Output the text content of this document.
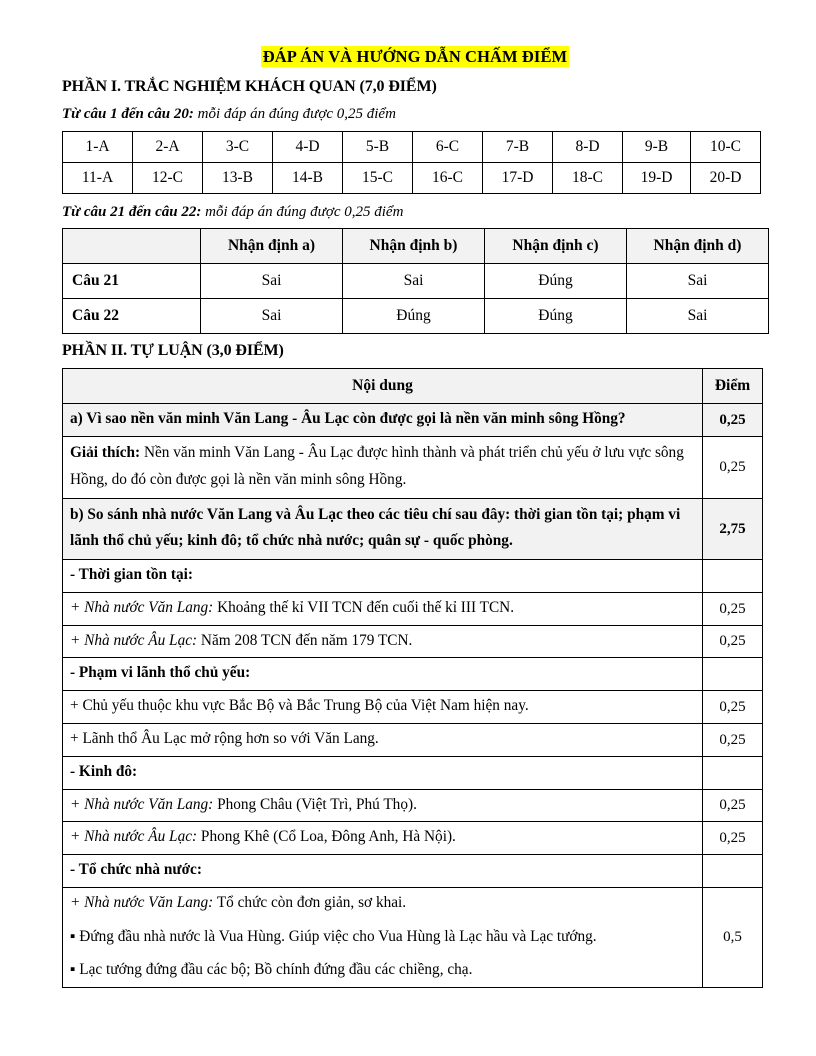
ĐÁP ÁN VÀ HƯỚNG DẪN CHẤM ĐIỂM
PHẦN I. TRẮC NGHIỆM KHÁCH QUAN (7,0 ĐIỂM)
Từ câu 1 đến câu 20: mỗi đáp án đúng được 0,25 điểm
1-A	2-A	3-C	4-D	5-B	6-C	7-B	8-D	9-B	10-C
11-A	12-C	13-B	14-B	15-C	16-C	17-D	18-C	19-D	20-D
Từ câu 21 đến câu 22: mỗi đáp án đúng được 0,25 điểm
	Nhận định a)	Nhận định b)	Nhận định c)	Nhận định d)
Câu 21	Sai	Sai	Đúng	Sai
Câu 22	Sai	Đúng	Đúng	Sai
PHẦN II. TỰ LUẬN (3,0 ĐIỂM)
Nội dung	Điểm
a) Vì sao nền văn minh Văn Lang - Âu Lạc còn được gọi là nền văn minh sông Hồng?	0,25
Giải thích: Nền văn minh Văn Lang - Âu Lạc được hình thành và phát triển chủ yếu ở lưu vực sông Hồng, do đó còn được gọi là nền văn minh sông Hồng.	0,25
b) So sánh nhà nước Văn Lang và Âu Lạc theo các tiêu chí sau đây: thời gian tồn tại; phạm vi lãnh thổ chủ yếu; kinh đô; tổ chức nhà nước; quân sự - quốc phòng.	2,75
- Thời gian tồn tại:	
+ Nhà nước Văn Lang: Khoảng thế kỉ VII TCN đến cuối thế kỉ III TCN.	0,25
+ Nhà nước Âu Lạc: Năm 208 TCN đến năm 179 TCN.	0,25
- Phạm vi lãnh thổ chủ yếu:	
+ Chủ yếu thuộc khu vực Bắc Bộ và Bắc Trung Bộ của Việt Nam hiện nay.	0,25
+ Lãnh thổ Âu Lạc mở rộng hơn so với Văn Lang.	0,25
- Kinh đô:	
+ Nhà nước Văn Lang: Phong Châu (Việt Trì, Phú Thọ).	0,25
+ Nhà nước Âu Lạc: Phong Khê (Cổ Loa, Đông Anh, Hà Nội).	0,25
- Tổ chức nhà nước:	

+ Nhà nước Văn Lang: Tổ chức còn đơn giản, sơ khai.

▪ Đứng đầu nhà nước là Vua Hùng. Giúp việc cho Vua Hùng là Lạc hầu và Lạc tướng.

▪ Lạc tướng đứng đầu các bộ; Bồ chính đứng đầu các chiềng, chạ.	0,5
